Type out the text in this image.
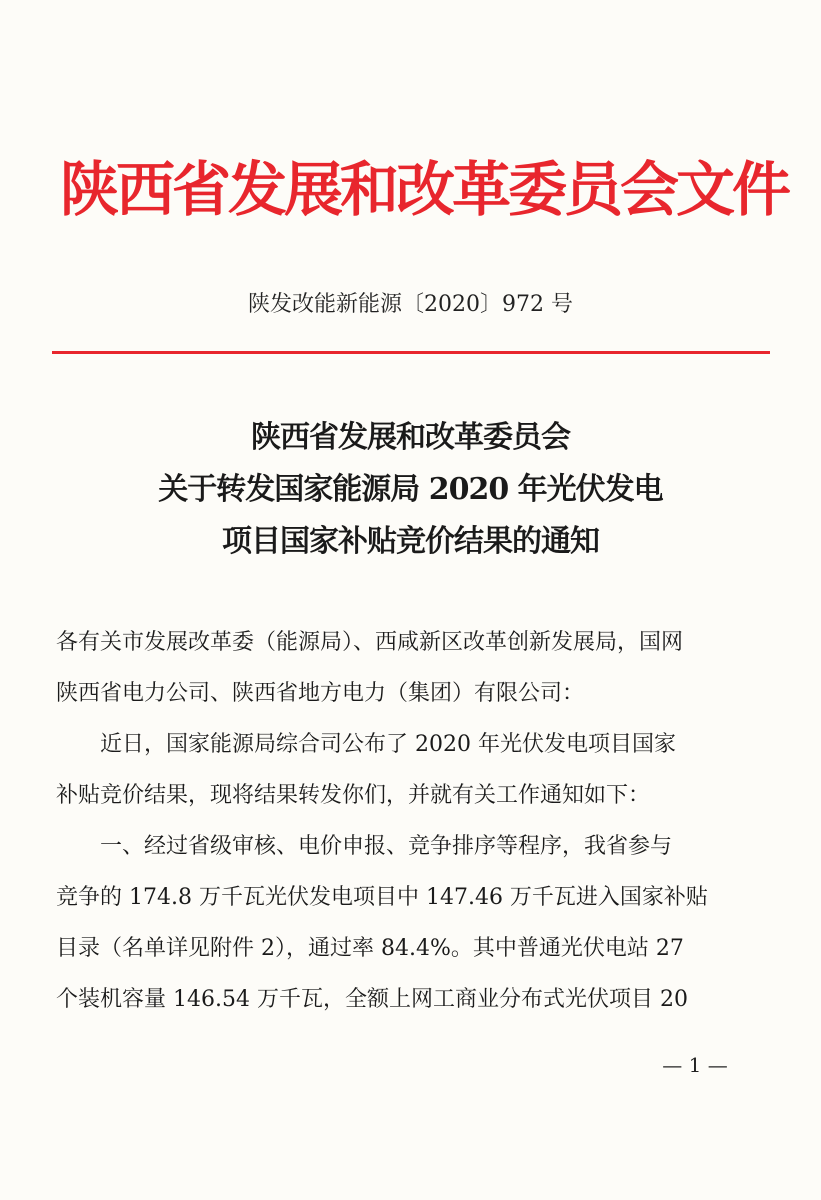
陕西省发展和改革委员会文件
陕发改能新能源〔2020〕972 号
陕西省发展和改革委员会
关于转发国家能源局 2020 年光伏发电
项目国家补贴竞价结果的通知
各有关市发展改革委（能源局）、西咸新区改革创新发展局，国网
陕西省电力公司、陕西省地方电力（集团）有限公司：
近日，国家能源局综合司公布了 2020 年光伏发电项目国家
补贴竞价结果，现将结果转发你们，并就有关工作通知如下：
一、经过省级审核、电价申报、竞争排序等程序，我省参与
竞争的 174.8 万千瓦光伏发电项目中 147.46 万千瓦进入国家补贴
目录（名单详见附件 2），通过率 84.4%。其中普通光伏电站 27
个装机容量 146.54 万千瓦，全额上网工商业分布式光伏项目 20
— 1 —
